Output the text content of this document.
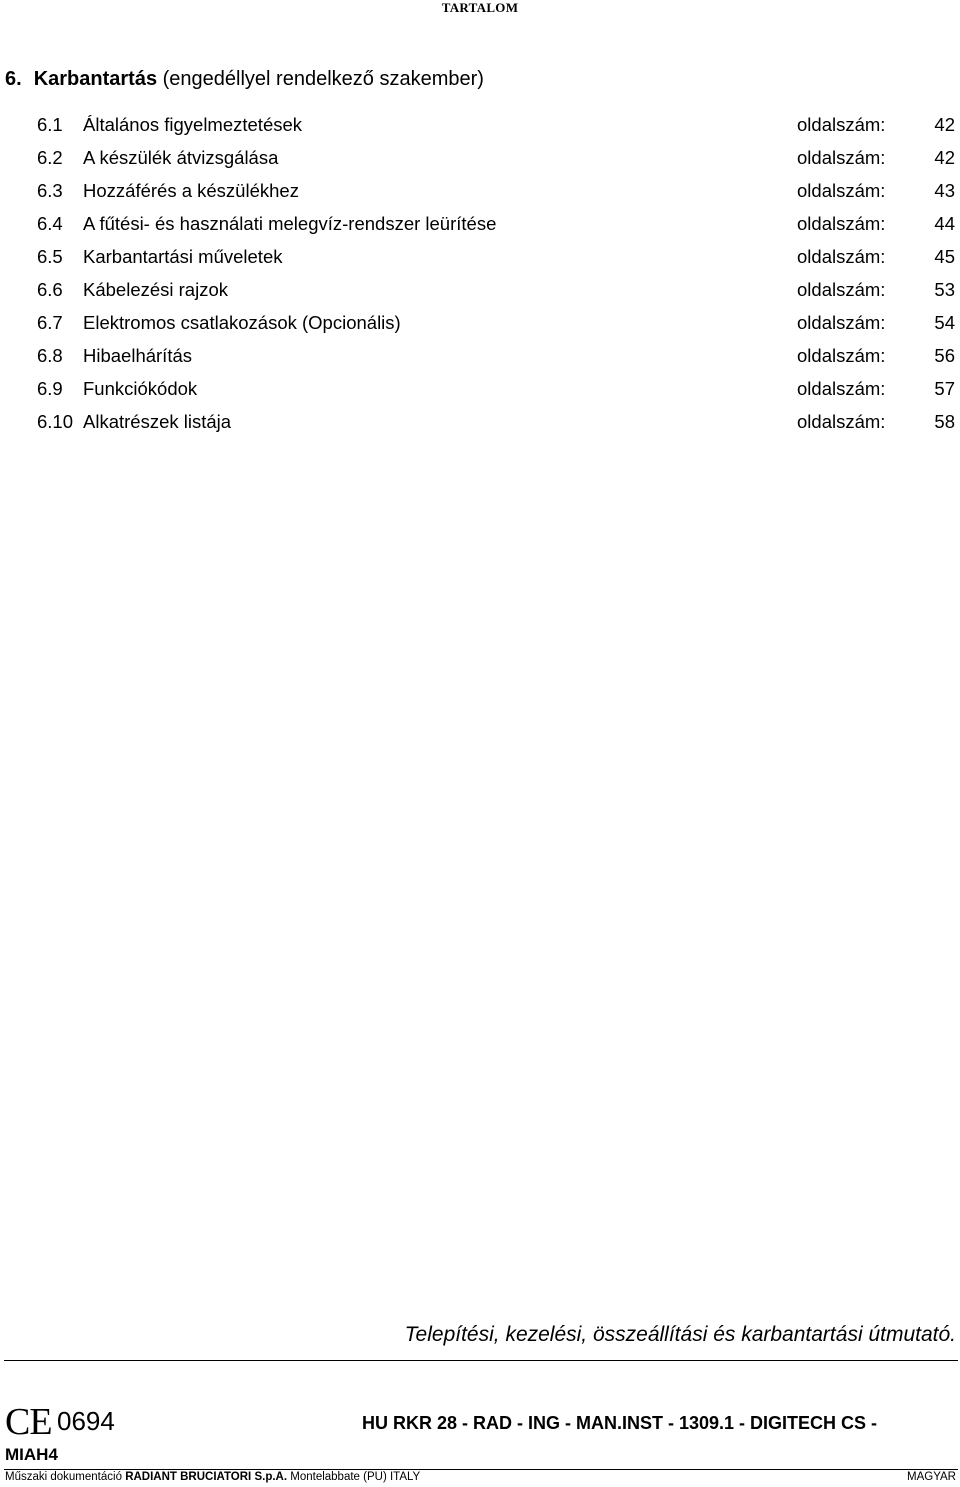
TARTALOM
6. Karbantartás (engedéllyel rendelkező szakember)
6.1 Általános figyelmeztetések	oldalszám:	42
6.2 A készülék átvizsgálása	oldalszám:	42
6.3 Hozzáférés a készülékhez	oldalszám:	43
6.4 A fűtési- és használati melegvíz-rendszer leürítése	oldalszám:	44
6.5 Karbantartási műveletek	oldalszám:	45
6.6 Kábelezési rajzok	oldalszám:	53
6.7 Elektromos csatlakozások (Opcionális)	oldalszám:	54
6.8 Hibaelhárítás	oldalszám:	56
6.9 Funkciókódok	oldalszám:	57
6.10 Alkatrészek listája	oldalszám:	58
Telepítési, kezelési, összeállítási és karbantartási útmutató.
CE 0694	HU RKR 28 - RAD - ING - MAN.INST - 1309.1 - DIGITECH CS -
MIAH4
Műszaki dokumentáció RADIANT BRUCIATORI S.p.A. Montelabbate (PU) ITALY	MAGYAR
